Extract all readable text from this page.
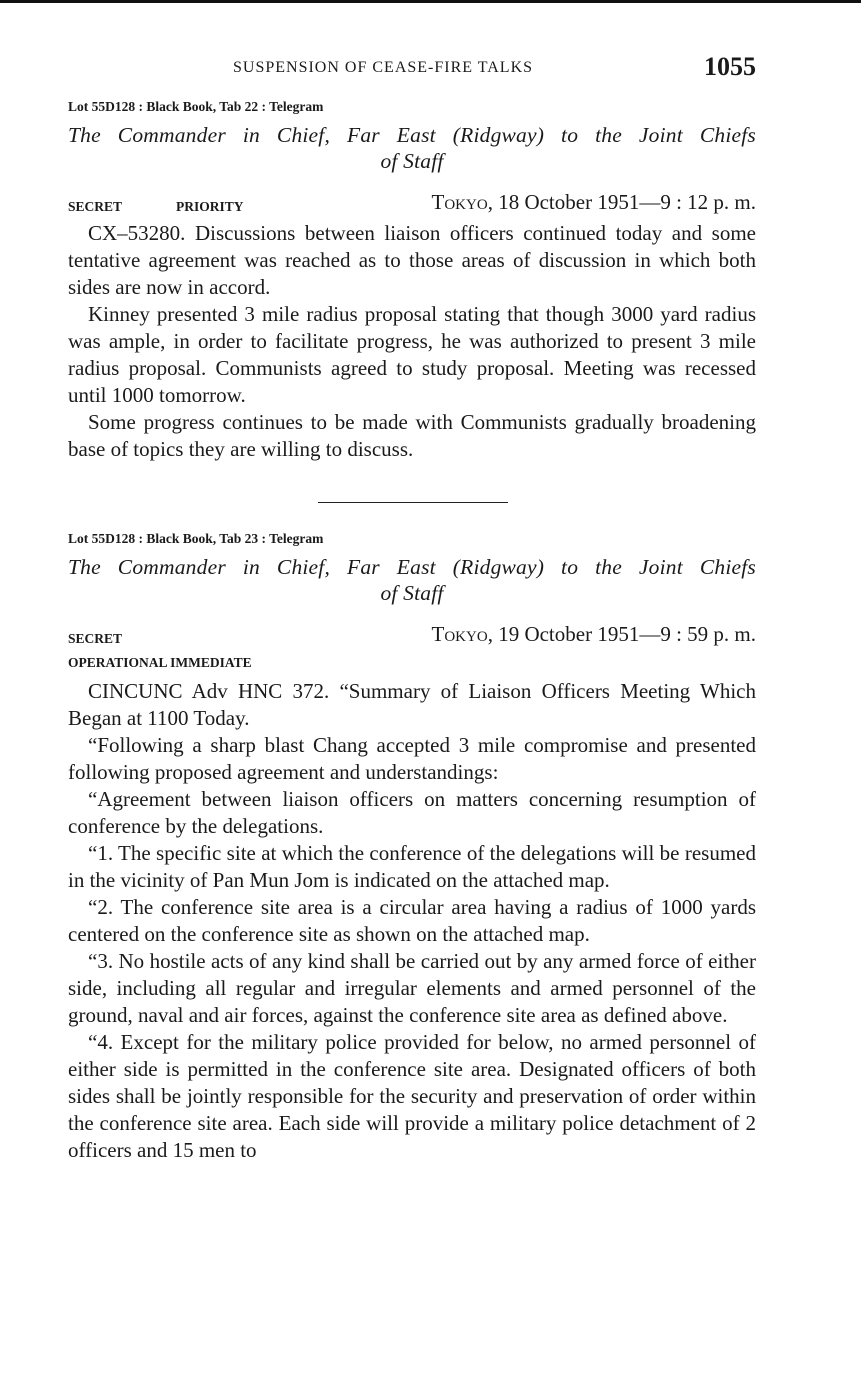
SUSPENSION OF CEASE-FIRE TALKS	1055
Lot 55D128 : Black Book, Tab 22 : Telegram
The Commander in Chief, Far East (Ridgway) to the Joint Chiefs
of Staff
SECRET	PRIORITY	Tokyo, 18 October 1951—9 : 12 p. m.

CX–53280. Discussions between liaison officers continued today and some tentative agreement was reached as to those areas of discussion in which both sides are now in accord.

Kinney presented 3 mile radius proposal stating that though 3000 yard radius was ample, in order to facilitate progress, he was authorized to present 3 mile radius proposal. Communists agreed to study proposal. Meeting was recessed until 1000 tomorrow.

Some progress continues to be made with Communists gradually broadening base of topics they are willing to discuss.

Lot 55D128 : Black Book, Tab 23 : Telegram
The Commander in Chief, Far East (Ridgway) to the Joint Chiefs
of Staff
SECRET	Tokyo, 19 October 1951—9 : 59 p. m.
OPERATIONAL IMMEDIATE

CINCUNC Adv HNC 372. “Summary of Liaison Officers Meeting Which Began at 1100 Today.

“Following a sharp blast Chang accepted 3 mile compromise and presented following proposed agreement and understandings:

“Agreement between liaison officers on matters concerning resumption of conference by the delegations.

“1. The specific site at which the conference of the delegations will be resumed in the vicinity of Pan Mun Jom is indicated on the attached map.

“2. The conference site area is a circular area having a radius of 1000 yards centered on the conference site as shown on the attached map.

“3. No hostile acts of any kind shall be carried out by any armed force of either side, including all regular and irregular elements and armed personnel of the ground, naval and air forces, against the conference site area as defined above.

“4. Except for the military police provided for below, no armed personnel of either side is permitted in the conference site area. Designated officers of both sides shall be jointly responsible for the security and preservation of order within the conference site area. Each side will provide a military police detachment of 2 officers and 15 men to
